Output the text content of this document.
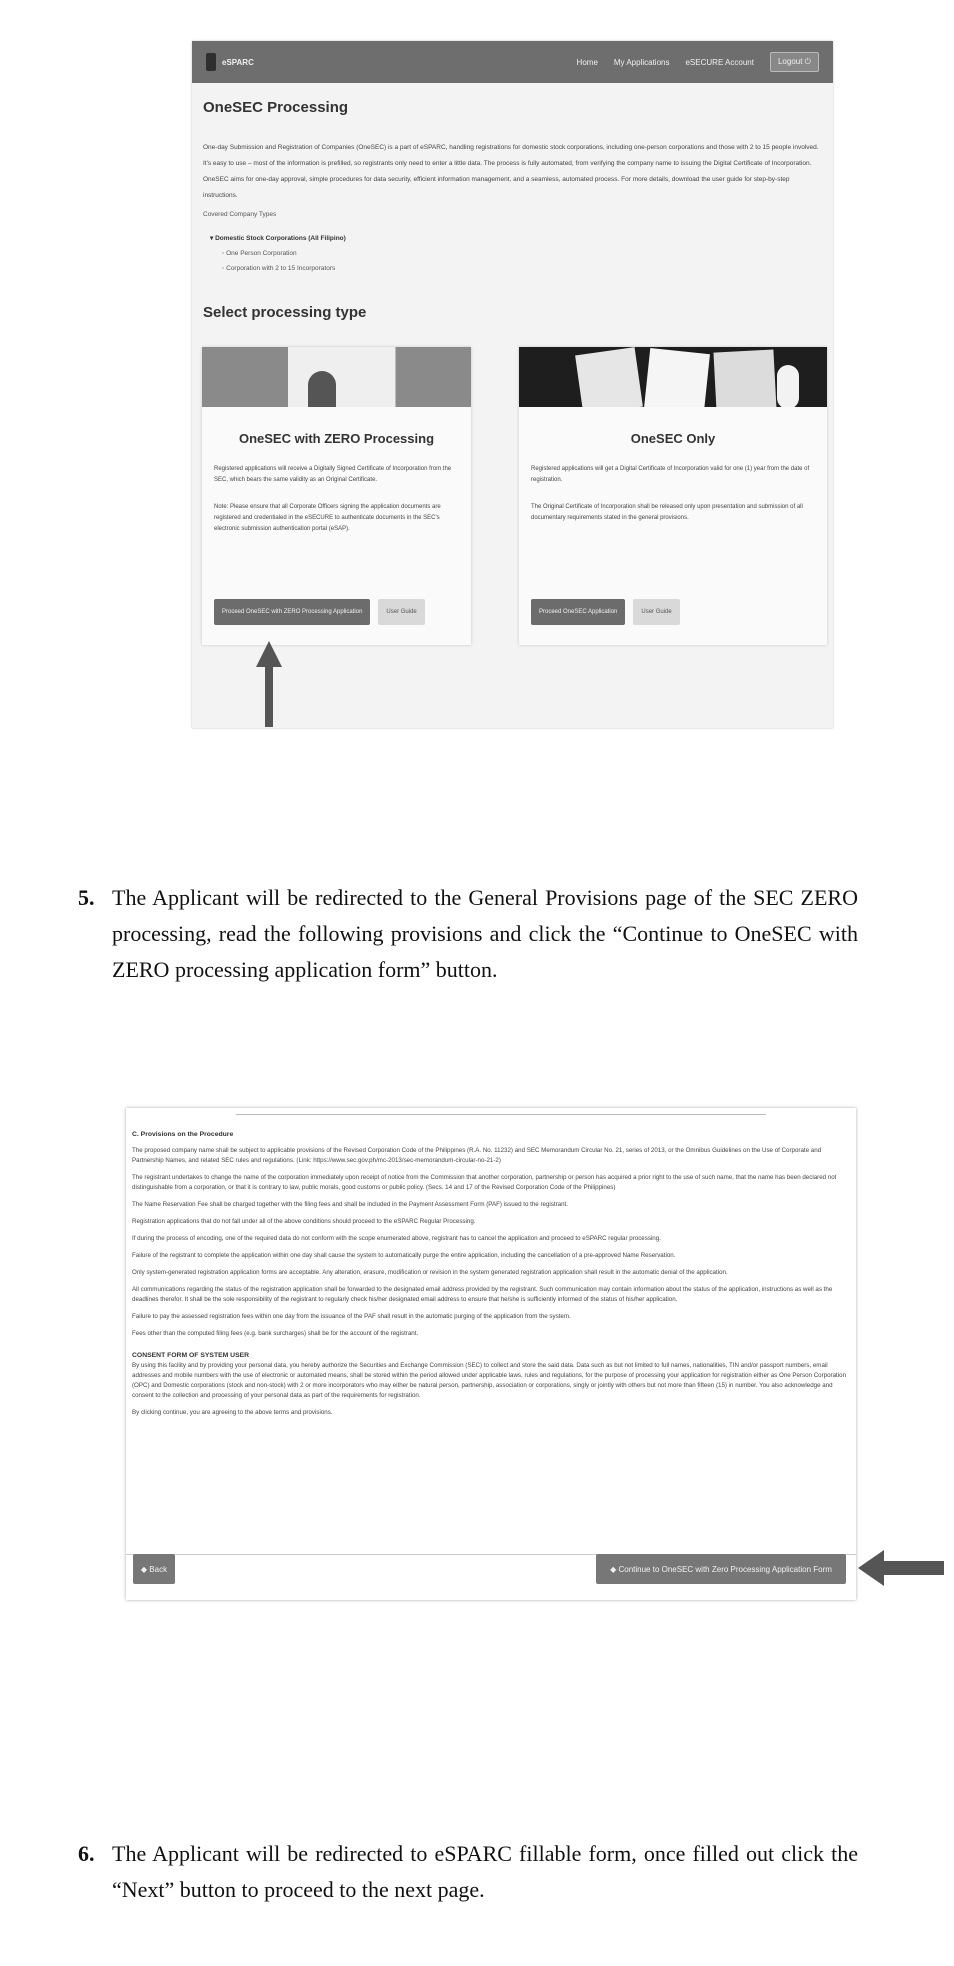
eSPARC	Home My Applications eSECURE Account	Logout ⏻
OneSEC Processing
One-day Submission and Registration of Companies (OneSEC) is a part of eSPARC, handling registrations for domestic stock corporations, including one-person corporations and those with 2 to 15 people involved. It's easy to use – most of the information is prefilled, so registrants only need to enter a little data. The process is fully automated, from verifying the company name to issuing the Digital Certificate of Incorporation. OneSEC aims for one-day approval, simple procedures for data security, efficient information management, and a seamless, automated process. For more details, download the user guide for step-by-step instructions.
Covered Company Types
▾ Domestic Stock Corporations (All Filipino)
◦ One Person Corporation
◦ Corporation with 2 to 15 Incorporators
Select processing type
OneSEC with ZERO Processing

Registered applications will receive a Digitally Signed Certificate of Incorporation from the SEC, which bears the same validity as an Original Certificate.

Note: Please ensure that all Corporate Officers signing the application documents are registered and credentialed in the eSECURE to authenticate documents in the SEC's electronic submission authentication portal (eSAP).

Proceed OneSEC with ZERO Processing Application	User Guide
OneSEC Only

Registered applications will get a Digital Certificate of Incorporation valid for one (1) year from the date of registration.

The Original Certificate of Incorporation shall be released only upon presentation and submission of all documentary requirements stated in the general provisions.

Proceed OneSEC Application	User Guide
5. The Applicant will be redirected to the General Provisions page of the SEC ZERO processing, read the following provisions and click the “Continue to OneSEC with ZERO processing application form” button.
C. Provisions on the Procedure

The proposed company name shall be subject to applicable provisions of the Revised Corporation Code of the Philippines (R.A. No. 11232) and SEC Memorandum Circular No. 21, series of 2013, or the Omnibus Guidelines on the Use of Corporate and Partnership Names, and related SEC rules and regulations. (Link: https://www.sec.gov.ph/mc-2013/sec-memorandum-circular-no-21-2)

The registrant undertakes to change the name of the corporation immediately upon receipt of notice from the Commission that another corporation, partnership or person has acquired a prior right to the use of such name, that the name has been declared not distinguishable from a corporation, or that it is contrary to law, public morals, good customs or public policy. (Secs. 14 and 17 of the Revised Corporation Code of the Philippines)

The Name Reservation Fee shall be charged together with the filing fees and shall be included in the Payment Assessment Form (PAF) issued to the registrant.

Registration applications that do not fall under all of the above conditions should proceed to the eSPARC Regular Processing.

If during the process of encoding, one of the required data do not conform with the scope enumerated above, registrant has to cancel the application and proceed to eSPARC regular processing.

Failure of the registrant to complete the application within one day shall cause the system to automatically purge the entire application, including the cancellation of a pre-approved Name Reservation.

Only system-generated registration application forms are acceptable. Any alteration, erasure, modification or revision in the system generated registration application shall result in the automatic denial of the application.

All communications regarding the status of the registration application shall be forwarded to the designated email address provided by the registrant. Such communication may contain information about the status of the application, instructions as well as the deadlines therefor. It shall be the sole responsibility of the registrant to regularly check his/her designated email address to ensure that he/she is sufficiently informed of the status of his/her application.

Failure to pay the assessed registration fees within one day from the issuance of the PAF shall result in the automatic purging of the application from the system.

Fees other than the computed filing fees (e.g. bank surcharges) shall be for the account of the registrant.

CONSENT FORM OF SYSTEM USER

By using this facility and by providing your personal data, you hereby authorize the Securities and Exchange Commission (SEC) to collect and store the said data. Data such as but not limited to full names, nationalities, TIN and/or passport numbers, email addresses and mobile numbers with the use of electronic or automated means, shall be stored within the period allowed under applicable laws, rules and regulations, for the purpose of processing your application for registration either as One Person Corporation (OPC) and Domestic corporations (stock and non-stock) with 2 or more incorporators who may either be natural person, partnership, association or corporations, singly or jointly with others but not more than fifteen (15) in number. You also acknowledge and consent to the collection and processing of your personal data as part of the requirements for registration.

By clicking continue, you are agreeing to the above terms and provisions.

◆ Back	◆ Continue to OneSEC with Zero Processing Application Form
6. The Applicant will be redirected to eSPARC fillable form, once filled out click the “Next” button to proceed to the next page.
